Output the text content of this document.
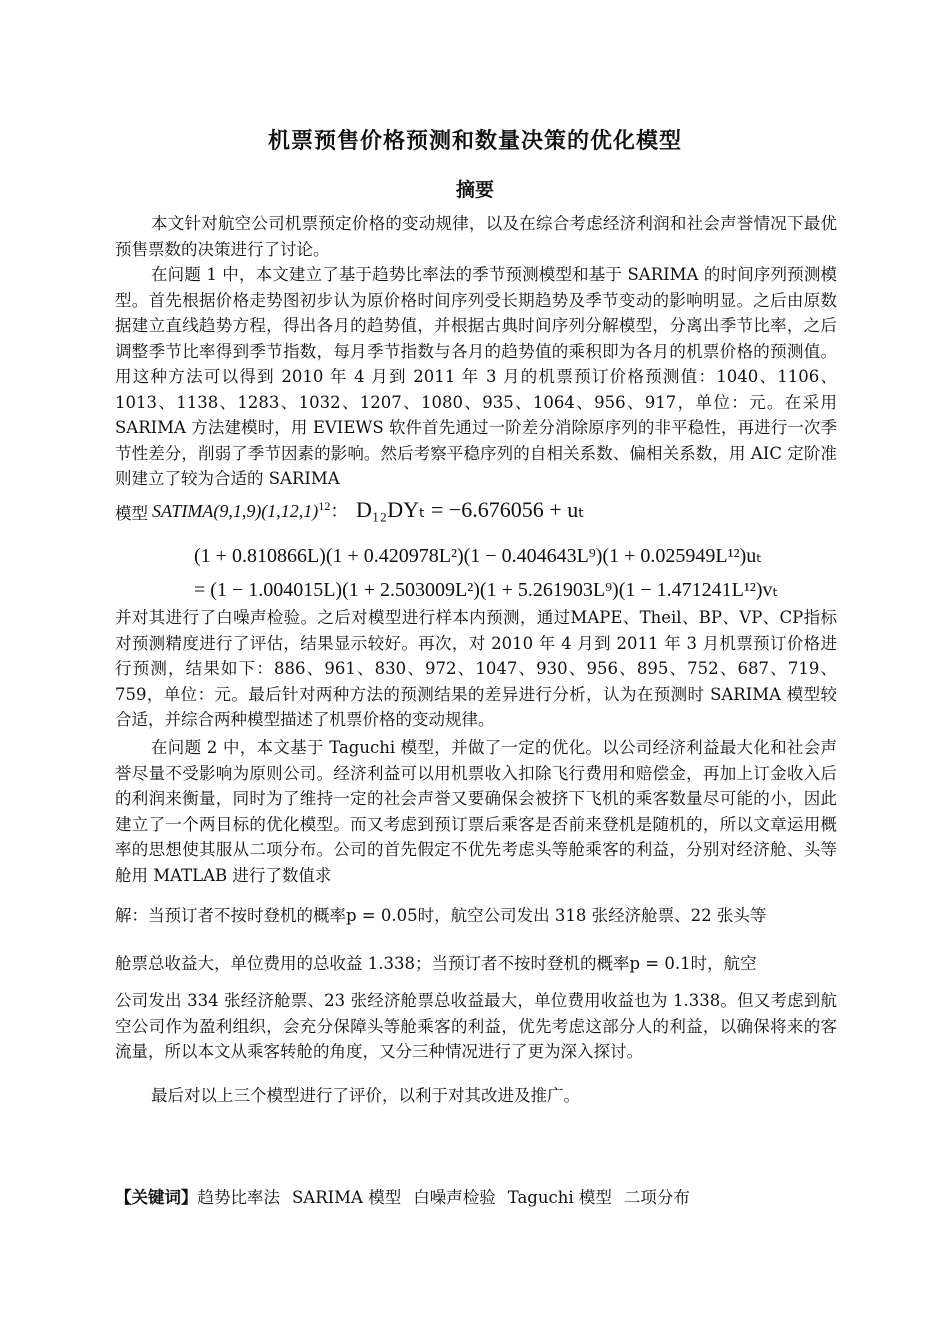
机票预售价格预测和数量决策的优化模型
摘要

本文针对航空公司机票预定价格的变动规律，以及在综合考虑经济利润和社会声誉情况下最优预售票数的决策进行了讨论。

在问题 1 中，本文建立了基于趋势比率法的季节预测模型和基于 SARIMA 的时间序列预测模型。首先根据价格走势图初步认为原价格时间序列受长期趋势及季节变动的影响明显。之后由原数据建立直线趋势方程，得出各月的趋势值，并根据古典时间序列分解模型，分离出季节比率，之后调整季节比率得到季节指数，每月季节指数与各月的趋势值的乘积即为各月的机票价格的预测值。用这种方法可以得到 2010 年 4 月到 2011 年 3 月的机票预订价格预测值：1040、1106、1013、1138、1283、1032、1207、1080、935、1064、956、917，单位：元。在采用 SARIMA 方法建模时，用 EVIEWS 软件首先通过一阶差分消除原序列的非平稳性，再进行一次季节性差分，削弱了季节因素的影响。然后考察平稳序列的自相关系数、偏相关系数，用 AIC 定阶准则建立了较为合适的 SARIMA

模型 $SATIMA(9,1,9)(1,12,1)^{12}$： D₁₂DYₜ = −6.676056 + uₜ
(1 + 0.810866L)(1 + 0.420978L²)(1 − 0.404643L⁹)(1 + 0.025949L¹²)uₜ
= (1 − 1.004015L)(1 + 2.503009L²)(1 + 5.261903L⁹)(1 − 1.471241L¹²)vₜ

并对其进行了白噪声检验。之后对模型进行样本内预测，通过MAPE、Theil、BP、VP、CP指标对预测精度进行了评估，结果显示较好。再次，对 2010 年 4 月到 2011 年 3 月机票预订价格进行预测，结果如下：886、961、830、972、1047、930、956、895、752、687、719、759，单位：元。最后针对两种方法的预测结果的差异进行分析，认为在预测时 SARIMA 模型较合适，并综合两种模型描述了机票价格的变动规律。

在问题 2 中，本文基于 Taguchi 模型，并做了一定的优化。以公司经济利益最大化和社会声誉尽量不受影响为原则公司。经济利益可以用机票收入扣除飞行费用和赔偿金，再加上订金收入后的利润来衡量，同时为了维持一定的社会声誉又要确保会被挤下飞机的乘客数量尽可能的小，因此建立了一个两目标的优化模型。而又考虑到预订票后乘客是否前来登机是随机的，所以文章运用概率的思想使其服从二项分布。公司的首先假定不优先考虑头等舱乘客的利益，分别对经济舱、头等舱用 MATLAB 进行了数值求

解：当预订者不按时登机的概率p = 0.05时，航空公司发出 318 张经济舱票、22 张头等
舱票总收益大，单位费用的总收益 1.338；当预订者不按时登机的概率p = 0.1时，航空

公司发出 334 张经济舱票、23 张经济舱票总收益最大，单位费用收益也为 1.338。但又考虑到航空公司作为盈利组织，会充分保障头等舱乘客的利益，优先考虑这部分人的利益，以确保将来的客流量，所以本文从乘客转舱的角度，又分三种情况进行了更为深入探讨。

最后对以上三个模型进行了评价，以利于对其改进及推广。

【关键词】趋势比率法 SARIMA 模型 白噪声检验 Taguchi 模型 二项分布
